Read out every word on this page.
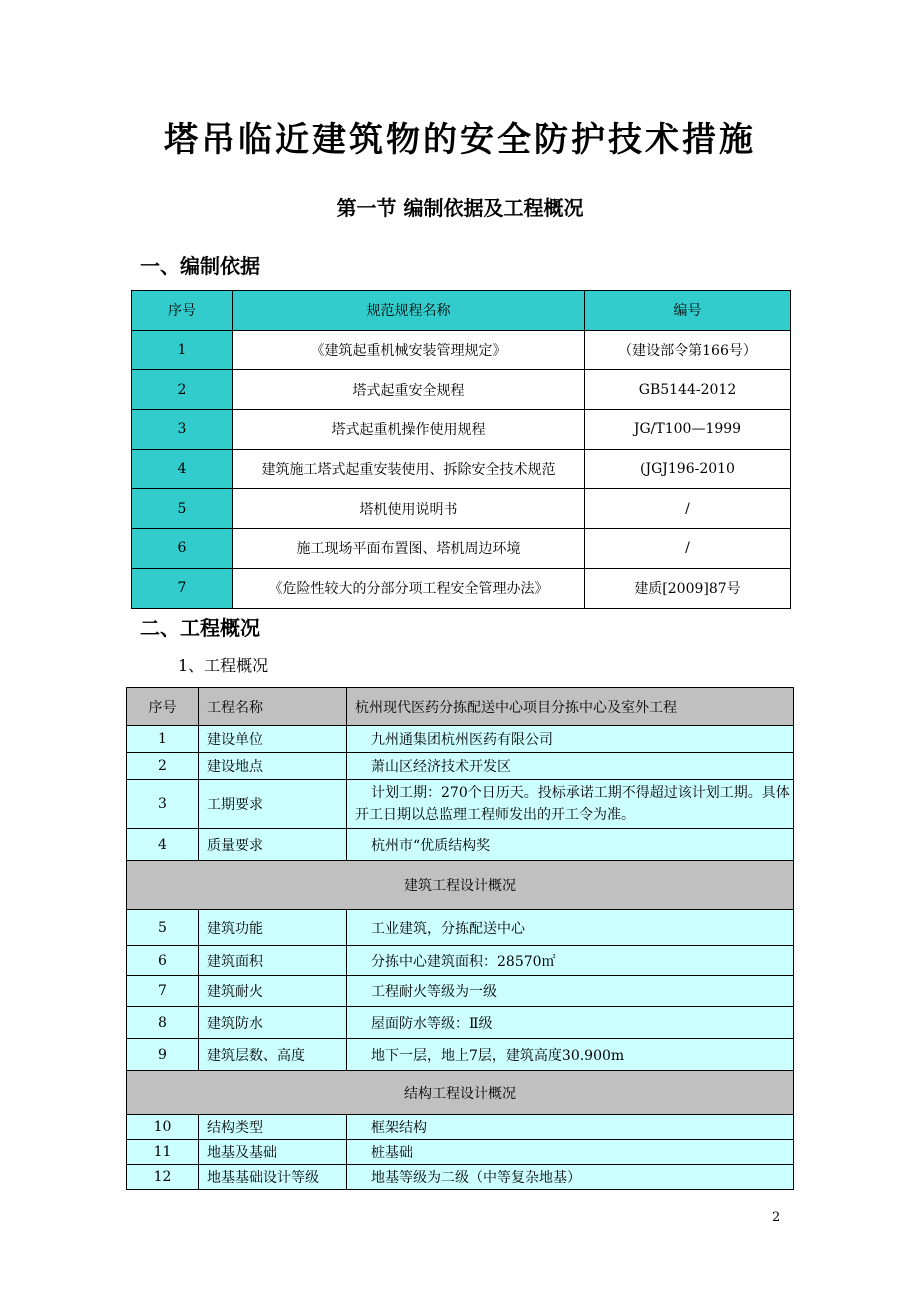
塔吊临近建筑物的安全防护技术措施
第一节 编制依据及工程概况
一、编制依据
序号	规范规程名称	编号
1	《建筑起重机械安装管理规定》	（建设部令第166号）
2	塔式起重安全规程	GB5144-2012
3	塔式起重机操作使用规程	JG/T100—1999
4	建筑施工塔式起重安装使用、拆除安全技术规范	(JGJ196-2010
5	塔机使用说明书	/
6	施工现场平面布置图、塔机周边环境	/
7	《危险性较大的分部分项工程安全管理办法》	建质[2009]87号
二、工程概况
1、工程概况
序号	工程名称	杭州现代医药分拣配送中心项目分拣中心及室外工程
1	建设单位	九州通集团杭州医药有限公司
2	建设地点	萧山区经济技术开发区
3	工期要求	计划工期：270个日历天。投标承诺工期不得超过该计划工期。具体开工日期以总监理工程师发出的开工令为准。
4	质量要求	杭州市“优质结构奖
建筑工程设计概况		
5	建筑功能	工业建筑，分拣配送中心
6	建筑面积	分拣中心建筑面积：28570㎡
7	建筑耐火	工程耐火等级为一级
8	建筑防水	屋面防水等级：Ⅱ级
9	建筑层数、高度	地下一层，地上7层，建筑高度30.900m
结构工程设计概况		
10	结构类型	框架结构
11	地基及基础	桩基础
12	地基基础设计等级	地基等级为二级（中等复杂地基）
2
